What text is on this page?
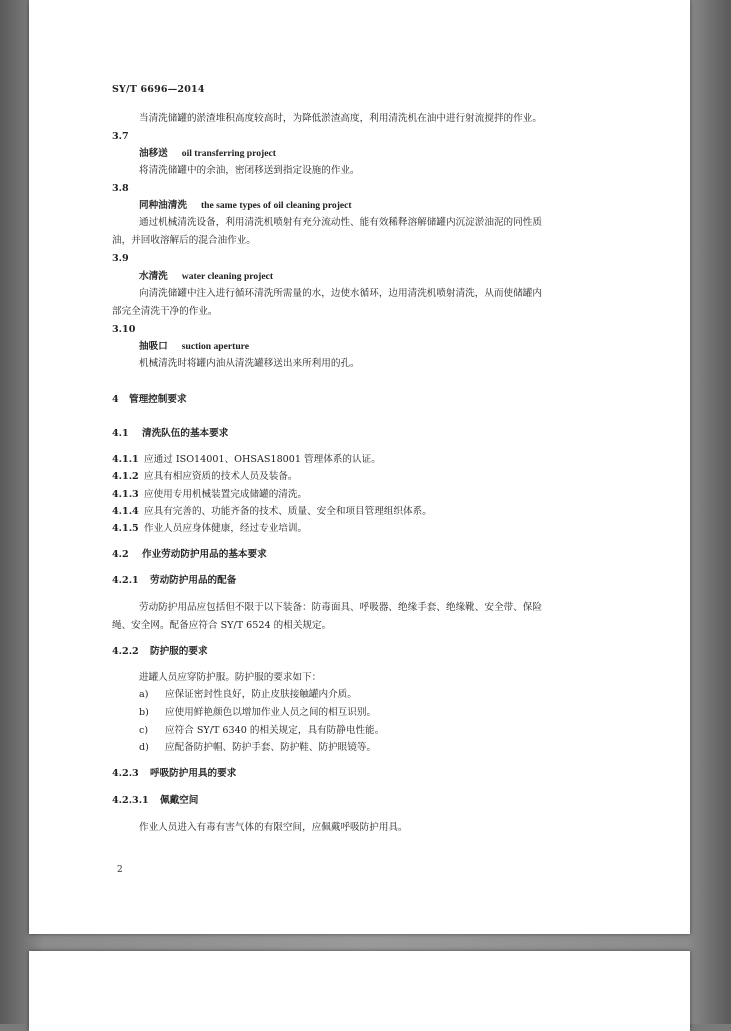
SY/T 6696—2014
当清洗储罐的淤渣堆积高度较高时，为降低淤渣高度，利用清洗机在油中进行射流搅拌的作业。
3.7
油移送 oil transferring project
将清洗储罐中的余油，密闭移送到指定设施的作业。
3.8
同种油清洗 the same types of oil cleaning project
通过机械清洗设备，利用清洗机喷射有充分流动性、能有效稀释溶解储罐内沉淀淤油泥的同性质
油，并回收溶解后的混合油作业。
3.9
水清洗 water cleaning project
向清洗储罐中注入进行循环清洗所需量的水，边使水循环，边用清洗机喷射清洗，从而使储罐内
部完全清洗干净的作业。
3.10
抽吸口 suction aperture
机械清洗时将罐内油从清洗罐移送出来所利用的孔。
4 管理控制要求
4.1 清洗队伍的基本要求
4.1.1 应通过 ISO14001、OHSAS18001 管理体系的认证。
4.1.2 应具有相应资质的技术人员及装备。
4.1.3 应使用专用机械装置完成储罐的清洗。
4.1.4 应具有完善的、功能齐备的技术、质量、安全和项目管理组织体系。
4.1.5 作业人员应身体健康，经过专业培训。
4.2 作业劳动防护用品的基本要求
4.2.1 劳动防护用品的配备
劳动防护用品应包括但不限于以下装备：防毒面具、呼吸器、绝缘手套、绝缘靴、安全带、保险
绳、安全网。配备应符合 SY/T 6524 的相关规定。
4.2.2 防护服的要求
进罐人员应穿防护服。防护服的要求如下：
a) 应保证密封性良好，防止皮肤接触罐内介质。
b) 应使用鲜艳颜色以增加作业人员之间的相互识别。
c) 应符合 SY/T 6340 的相关规定，具有防静电性能。
d) 应配备防护帽、防护手套、防护鞋、防护眼镜等。
4.2.3 呼吸防护用具的要求
4.2.3.1 佩戴空间
作业人员进入有毒有害气体的有限空间，应佩戴呼吸防护用具。
2
